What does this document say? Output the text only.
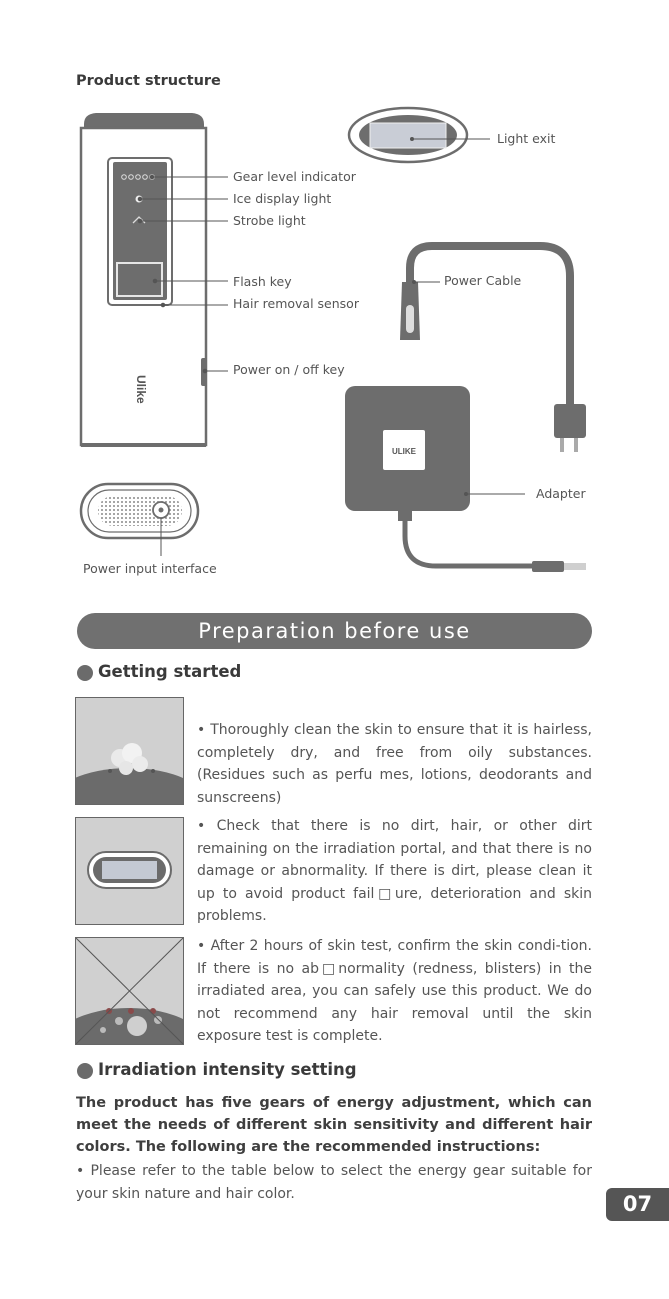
Product structure
Ulike
ULIKE
Gear level indicator
Ice display light
Strobe light
Flash key
Hair removal sensor
Power on / off key
Light exit
Power Cable
Adapter
Power input interface
Preparation before use
Getting started
• Thoroughly clean the skin to ensure that it is hairless, completely dry, and free from oily substances. (Residues such as perfu mes, lotions, deodorants and sunscreens)
• Check that there is no dirt, hair, or other dirt remaining on the irradiation portal, and that there is no damage or abnormality. If there is dirt, please clean it up to avoid product fail□ure, deterioration and skin problems.
• After 2 hours of skin test, confirm the skin condi-tion. If there is no ab□normality (redness, blisters) in the irradiated area, you can safely use this product. We do not recommend any hair removal until the skin exposure test is complete.
Irradiation intensity setting
The product has five gears of energy adjustment, which can meet the needs of different skin sensitivity and different hair colors. The following are the recommended instructions:
• Please refer to the table below to select the energy gear suitable for your skin nature and hair color.	07
